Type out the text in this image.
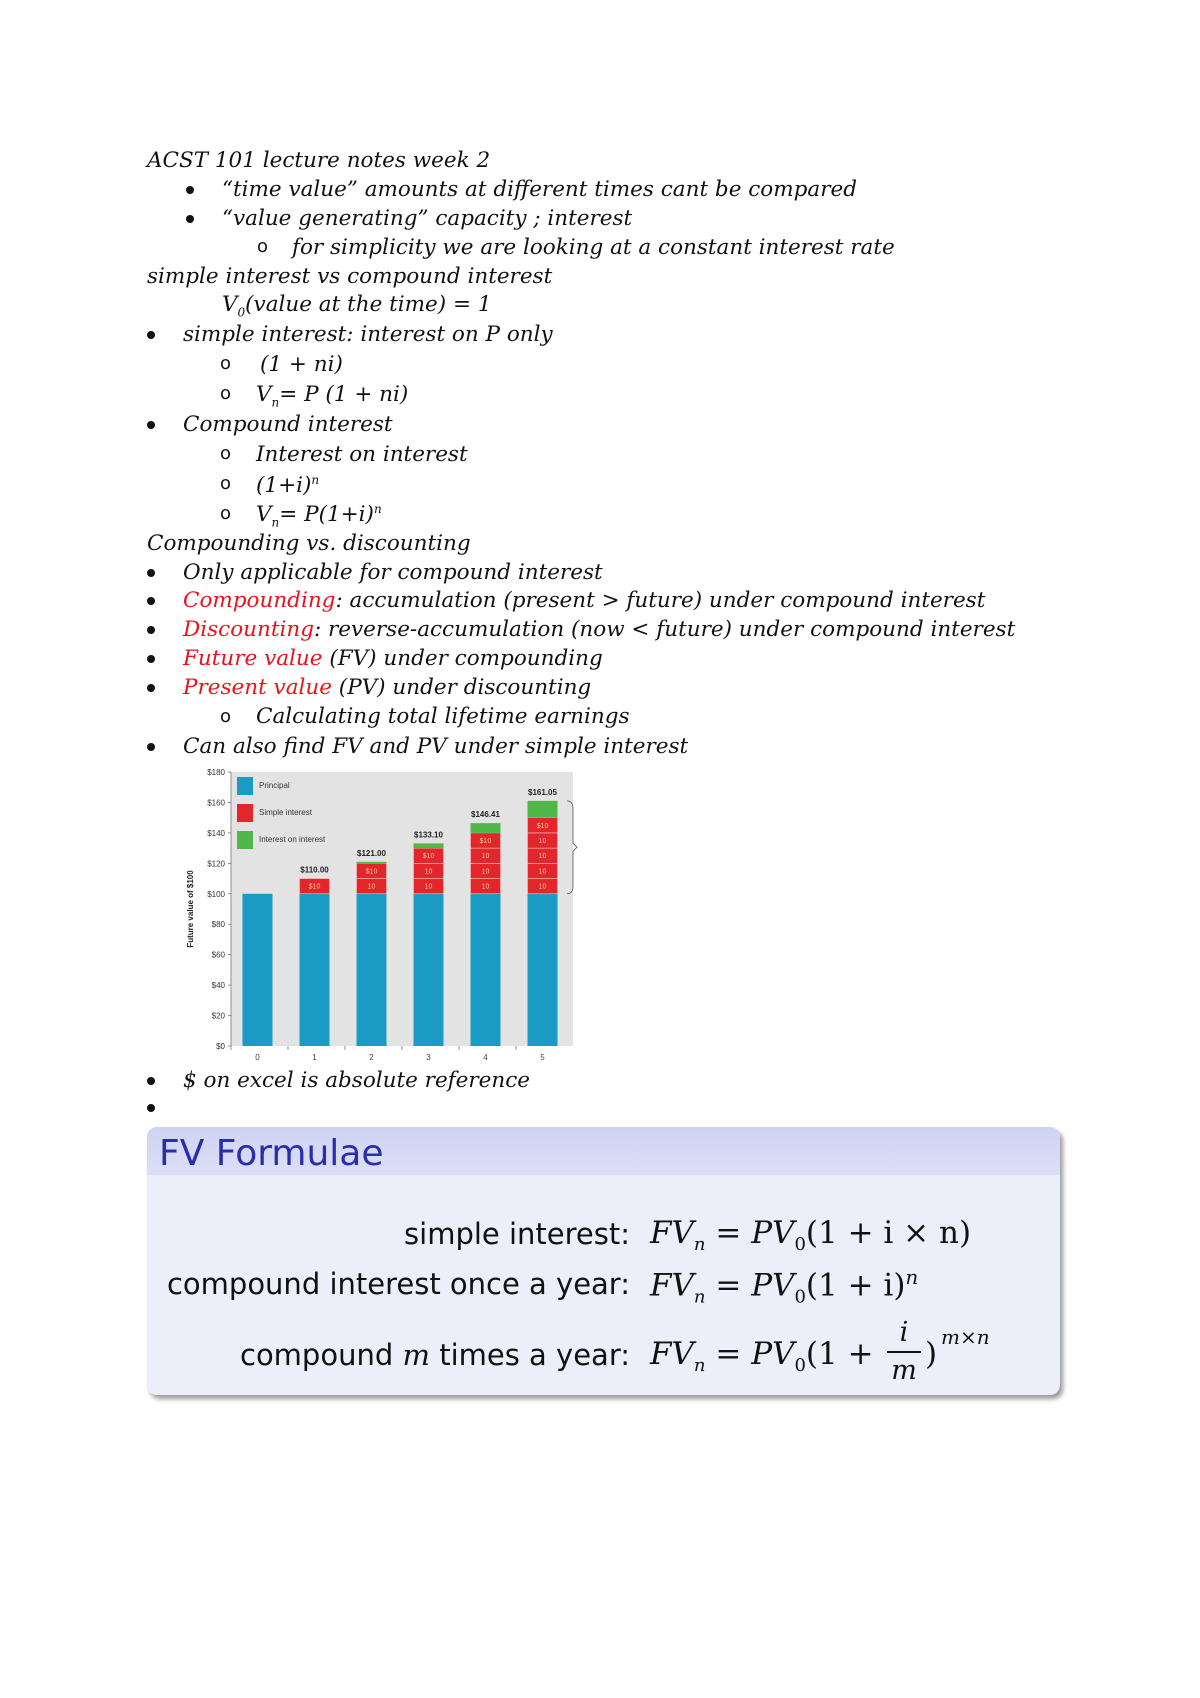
ACST 101 lecture notes week 2
“time value” amounts at different times cant be compared
“value generating” capacity ; interest
o for simplicity we are looking at a constant interest rate
simple interest vs compound interest
$V_0(value$ at the time) = 1
simple interest: interest on P only
o (1 + ni)
o $V_n= P$ (1 + ni)
Compound interest
o Interest on interest
o $(1+i)^n$
o $V_n= P(1+i)^n$
Compounding vs. discounting
Only applicable for compound interest
Compounding: accumulation (present > future) under compound interest
Discounting: reverse-accumulation (now < future) under compound interest
Future value (FV) under compounding
Present value (PV) under discounting
o Calculating total lifetime earnings
Can also find FV and PV under simple interest
$0
$20
$40
$60
$80
$100
$120
$140
$160
$180
Future value of $100
0
$10
$110.00
1
10
$10
$121.00
2
10
10
$10
$133.10
3
10
10
10
$10
$146.41
4
10
10
10
10
$10
$161.05
5
Principal
Simple interest
Interest on interest
$ on excel is absolute reference
FV Formulae
simple interest: $FV_n = PV_0(1 + i \times n)$
compound interest once a year: $FV_n = PV_0(1 + i)^n$
compound m times a year: $FV_n = PV_0(1$ +
i
m ) m×n
